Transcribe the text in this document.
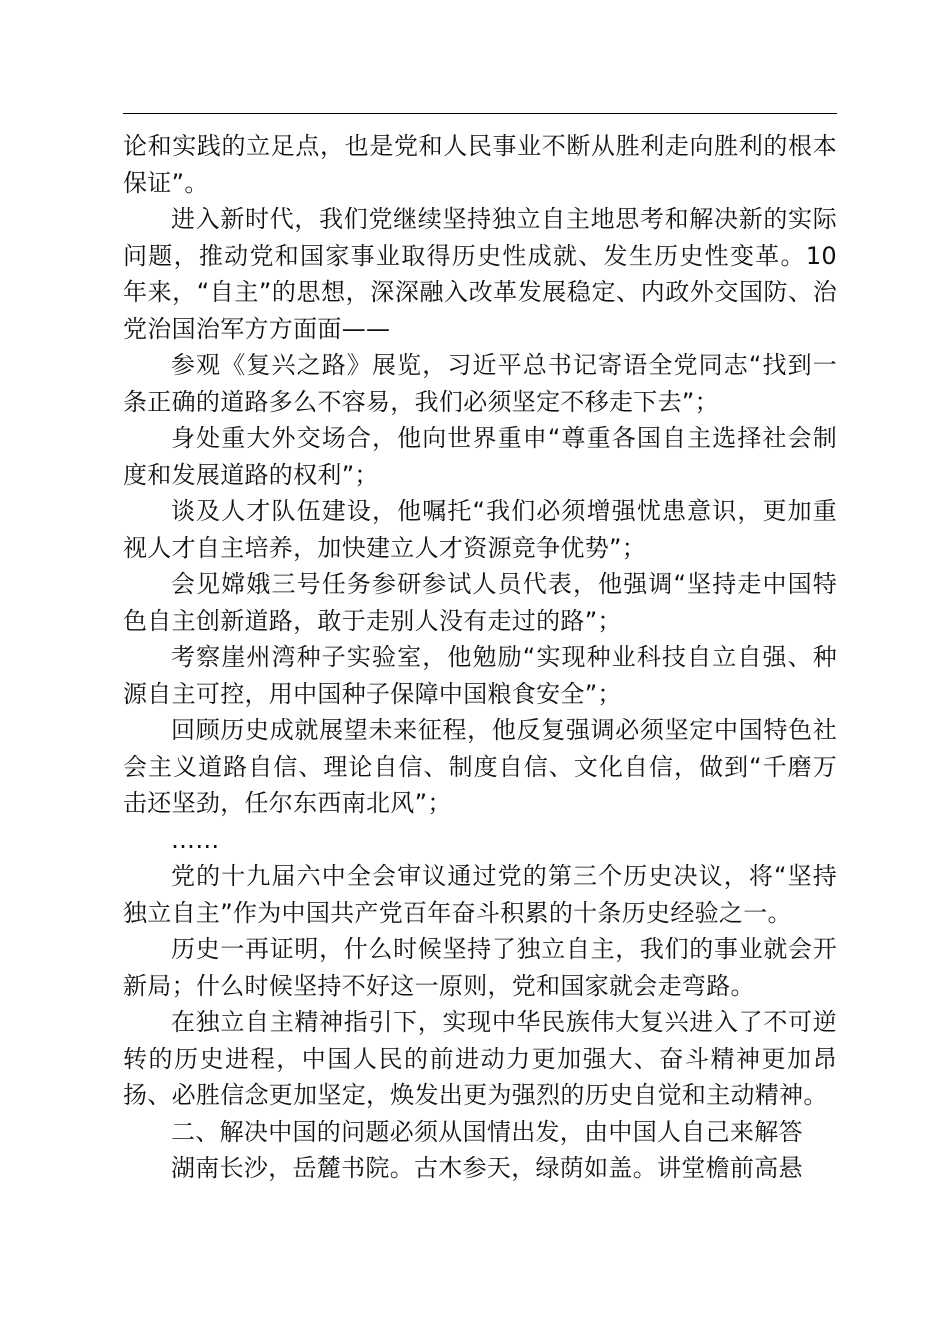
论和实践的立足点，也是党和人民事业不断从胜利走向胜利的根本保证”。

进入新时代，我们党继续坚持独立自主地思考和解决新的实际问题，推动党和国家事业取得历史性成就、发生历史性变革。10 年来，“自主”的思想，深深融入改革发展稳定、内政外交国防、治党治国治军方方面面——

参观《复兴之路》展览，习近平总书记寄语全党同志“找到一条正确的道路多么不容易，我们必须坚定不移走下去”；

身处重大外交场合，他向世界重申“尊重各国自主选择社会制度和发展道路的权利”；

谈及人才队伍建设，他嘱托“我们必须增强忧患意识，更加重视人才自主培养，加快建立人才资源竞争优势”；

会见嫦娥三号任务参研参试人员代表，他强调“坚持走中国特色自主创新道路，敢于走别人没有走过的路”；

考察崖州湾种子实验室，他勉励“实现种业科技自立自强、种源自主可控，用中国种子保障中国粮食安全”；

回顾历史成就展望未来征程，他反复强调必须坚定中国特色社会主义道路自信、理论自信、制度自信、文化自信，做到“千磨万击还坚劲，任尔东西南北风”；

……

党的十九届六中全会审议通过党的第三个历史决议，将“坚持独立自主”作为中国共产党百年奋斗积累的十条历史经验之一。

历史一再证明，什么时候坚持了独立自主，我们的事业就会开新局；什么时候坚持不好这一原则，党和国家就会走弯路。

在独立自主精神指引下，实现中华民族伟大复兴进入了不可逆转的历史进程，中国人民的前进动力更加强大、奋斗精神更加昂扬、必胜信念更加坚定，焕发出更为强烈的历史自觉和主动精神。

二、解决中国的问题必须从国情出发，由中国人自己来解答

湖南长沙，岳麓书院。古木参天，绿荫如盖。讲堂檐前高悬
